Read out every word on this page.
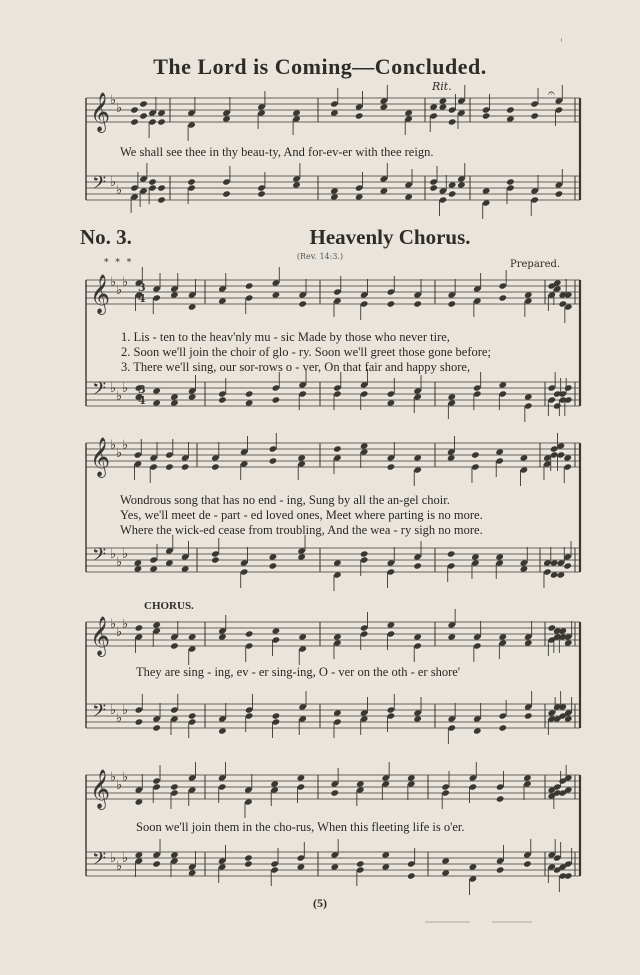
'
The Lord is Coming—Concluded.
Rit.
We shall see thee in thy beau-ty, And for-ev-er with thee reign.
No. 3.	Heavenly Chorus.
(Rev. 14:3.)
Prepared.
* * *
1. Lis - ten to the heav'nly mu - sic Made by those who never tire,
2. Soon we'll join the choir of glo - ry. Soon we'll greet those gone before;
3. There we'll sing, our sor-rows o - ver, On that fair and happy shore,
Wondrous song that has no end - ing, Sung by all the an-gel choir.
Yes, we'll meet de - part - ed loved ones, Meet where parting is no more.
Where the wick-ed cease from troubling, And the wea - ry sigh no more.
CHORUS.
They are sing - ing, ev - er sing-ing, O - ver on the oth - er shore'
Soon we'll join them in the cho-rus, When this fleeting life is o'er.
(5)
𝄞
𝄢
♭
♭
♭
♭
𝄞
𝄢
♭
♭
♭
♭
♭
♭
𝄞
𝄢
♭
♭
♭
♭
♭
♭
𝄞
𝄢
♭
♭
♭
♭
♭
♭
𝄞
𝄢
♭
♭
♭
♭
♭
♭
3
4
3
4
𝄐
